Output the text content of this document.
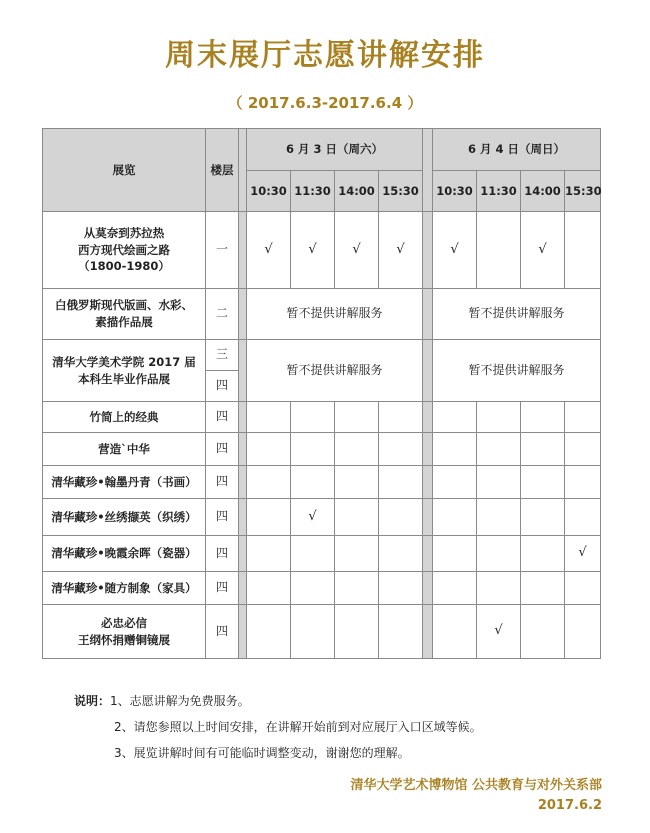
周末展厅志愿讲解安排
（ 2017.6.3-2017.6.4 ）
展览	楼层		6 月 3 日（周六）					6 月 4 日（周日）			
			10:30	11:30	14:00	15:30		10:30	11:30	14:00	15:30

从莫奈到苏拉热
西方现代绘画之路
（1800-1980）	一		√	√	√	√		√		√	

白俄罗斯现代版画、水彩、
素描作品展	二		暂不提供讲解服务					暂不提供讲解服务			

清华大学美术学院 2017 届
本科生毕业作品展	三		暂不提供讲解服务					暂不提供讲解服务			
	四										

竹简上的经典	四										

营造`中华	四										

清华藏珍•翰墨丹青（书画）	四										

清华藏珍•丝绣撷英（织绣）	四			√							

清华藏珍•晚霞余晖（瓷器）	四										√

清华藏珍•随方制象（家具）	四										

必忠必信
王纲怀捐赠铜镜展	四								√		
说明：1、志愿讲解为免费服务。
2、请您参照以上时间安排，在讲解开始前到对应展厅入口区域等候。
3、展览讲解时间有可能临时调整变动，谢谢您的理解。
清华大学艺术博物馆 公共教育与对外关系部
2017.6.2
